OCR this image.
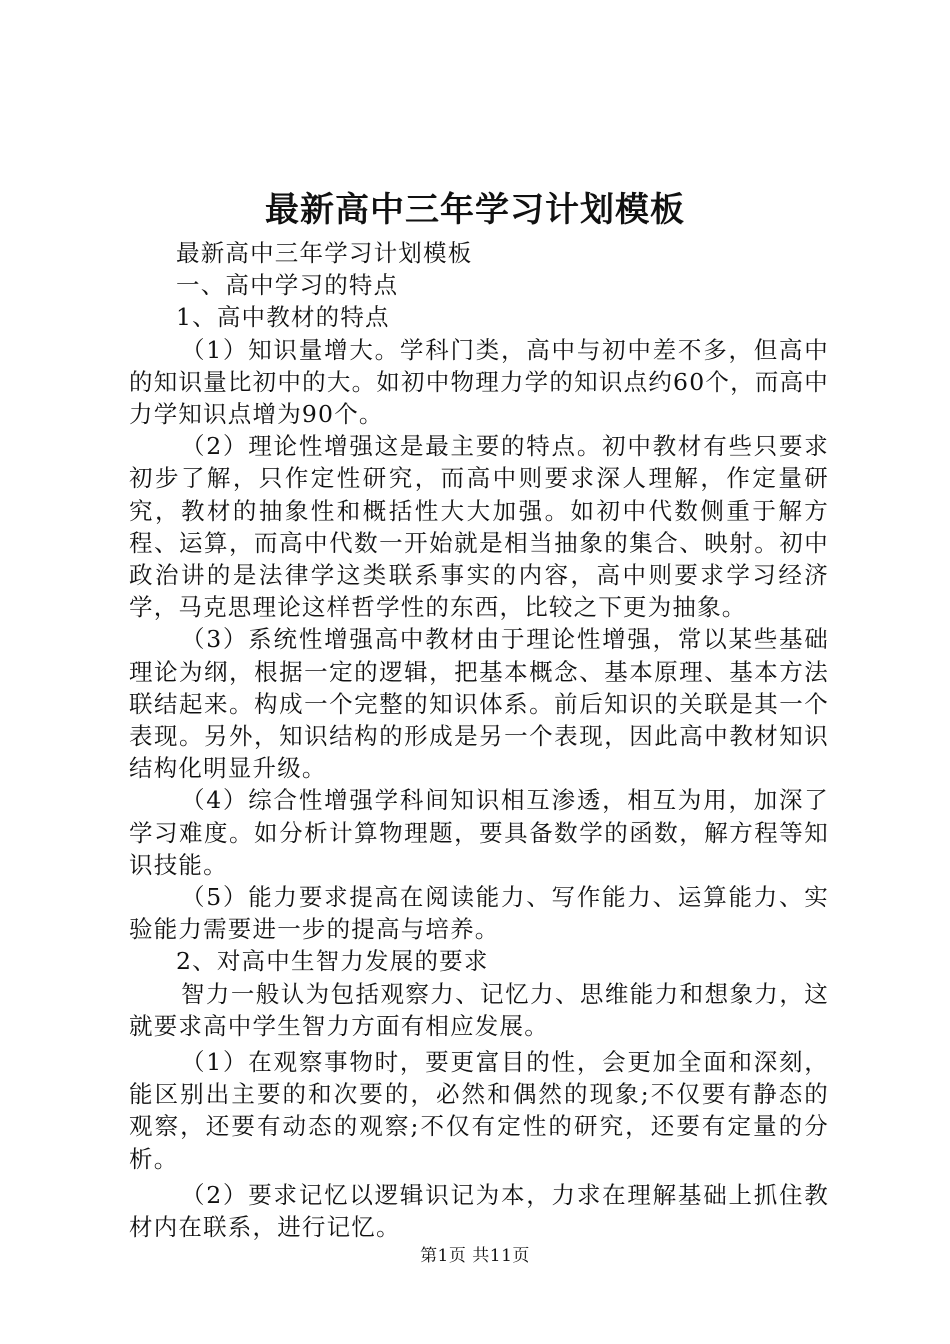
最新高中三年学习计划模板

最新高中三年学习计划模板

一、高中学习的特点

1、高中教材的特点

（1）知识量增大。学科门类，高中与初中差不多，但高中的知识量比初中的大。如初中物理力学的知识点约60个，而高中力学知识点增为90个。

（2）理论性增强这是最主要的特点。初中教材有些只要求初步了解，只作定性研究，而高中则要求深人理解，作定量研究，教材的抽象性和概括性大大加强。如初中代数侧重于解方程、运算，而高中代数一开始就是相当抽象的集合、映射。初中政治讲的是法律学这类联系事实的内容，高中则要求学习经济学，马克思理论这样哲学性的东西，比较之下更为抽象。

（3）系统性增强高中教材由于理论性增强，常以某些基础理论为纲，根据一定的逻辑，把基本概念、基本原理、基本方法联结起来。构成一个完整的知识体系。前后知识的关联是其一个表现。另外，知识结构的形成是另一个表现，因此高中教材知识结构化明显升级。

（4）综合性增强学科间知识相互渗透，相互为用，加深了学习难度。如分析计算物理题，要具备数学的函数，解方程等知识技能。

（5）能力要求提高在阅读能力、写作能力、运算能力、实验能力需要进一步的提高与培养。

2、对高中生智力发展的要求

智力一般认为包括观察力、记忆力、思维能力和想象力，这就要求高中学生智力方面有相应发展。

（1）在观察事物时，要更富目的性，会更加全面和深刻，能区别出主要的和次要的，必然和偶然的现象;不仅要有静态的观察，还要有动态的观察;不仅有定性的研究，还要有定量的分析。

（2）要求记忆以逻辑识记为本，力求在理解基础上抓住教材内在联系，进行记忆。

第1页 共11页
